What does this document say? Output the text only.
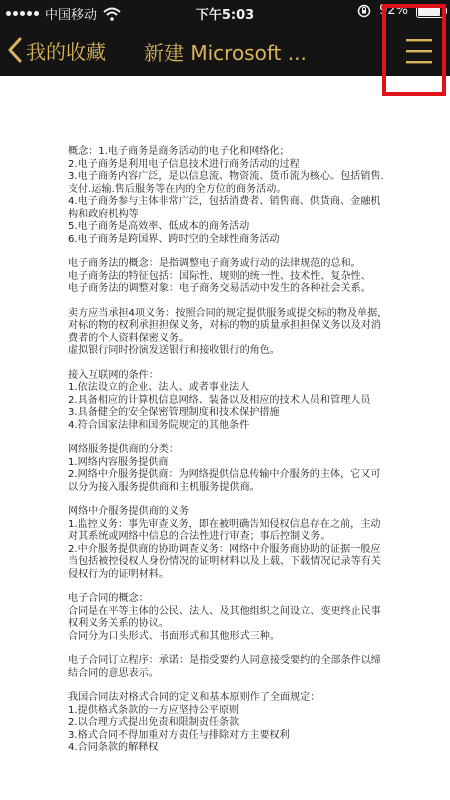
中国移动	下午5:03	92%
我的收藏 新建 Microsoft ...
概念：1.电子商务是商务活动的电子化和网络化；
2.电子商务是利用电子信息技术进行商务活动的过程
3.电子商务内容广泛，是以信息流、物资流、货币流为核心。包括销售.支付.运输.售后服务等在内的全方位的商务活动。
4.电子商务参与主体非常广泛，包括消费者、销售商、供货商、金融机构和政府机构等
5.电子商务是高效率、低成本的商务活动
6.电子商务是跨国界、跨时空的全球性商务活动
电子商务法的概念：是指调整电子商务或行动的法律规范的总和。
电子商务法的特征包括：国际性、规则的统一性、技术性、复杂性、
电子商务法的调整对象：电子商务交易活动中发生的各种社会关系。
卖方应当承担4项义务：按照合同的规定提供服务或提交标的物及单据，对标的物的权利承担担保义务，对标的物的质量承担担保义务以及对消费者的个人资料保密义务。
虚拟银行同时扮演发送银行和接收银行的角色。
接入互联网的条件：
1.依法设立的企业、法人、或者事业法人
2.具备相应的计算机信息网络、装备以及相应的技术人员和管理人员
3.具备健全的安全保密管理制度和技术保护措施
4.符合国家法律和国务院规定的其他条件
网络服务提供商的分类：
1.网络内容服务提供商
2.网络中介服务提供商：为网络提供信息传输中介服务的主体，它又可以分为接入服务提供商和主机服务提供商。
网络中介服务提供商的义务
1.监控义务：事先审查义务，即在被明确告知侵权信息存在之前，主动对其系统或网络中信息的合法性进行审查；事后控制义务。
2.中介服务提供商的协助调查义务：网络中介服务商协助的证据一般应当包括被控侵权人身份情况的证明材料以及上载、下载情况记录等有关侵权行为的证明材料。
电子合同的概念：
合同是在平等主体的公民、法人、及其他组织之间设立、变更终止民事权利义务关系的协议。
合同分为口头形式、书面形式和其他形式三种。
电子合同订立程序：承诺：是指受要约人同意接受要约的全部条件以缔结合同的意思表示。
我国合同法对格式合同的定义和基本原则作了全面规定：
1.提供格式条款的一方应坚持公平原则
2.以合理方式提出免责和限制责任条款
3.格式合同不得加重对方责任与排除对方主要权利
4.合同条款的解释权
